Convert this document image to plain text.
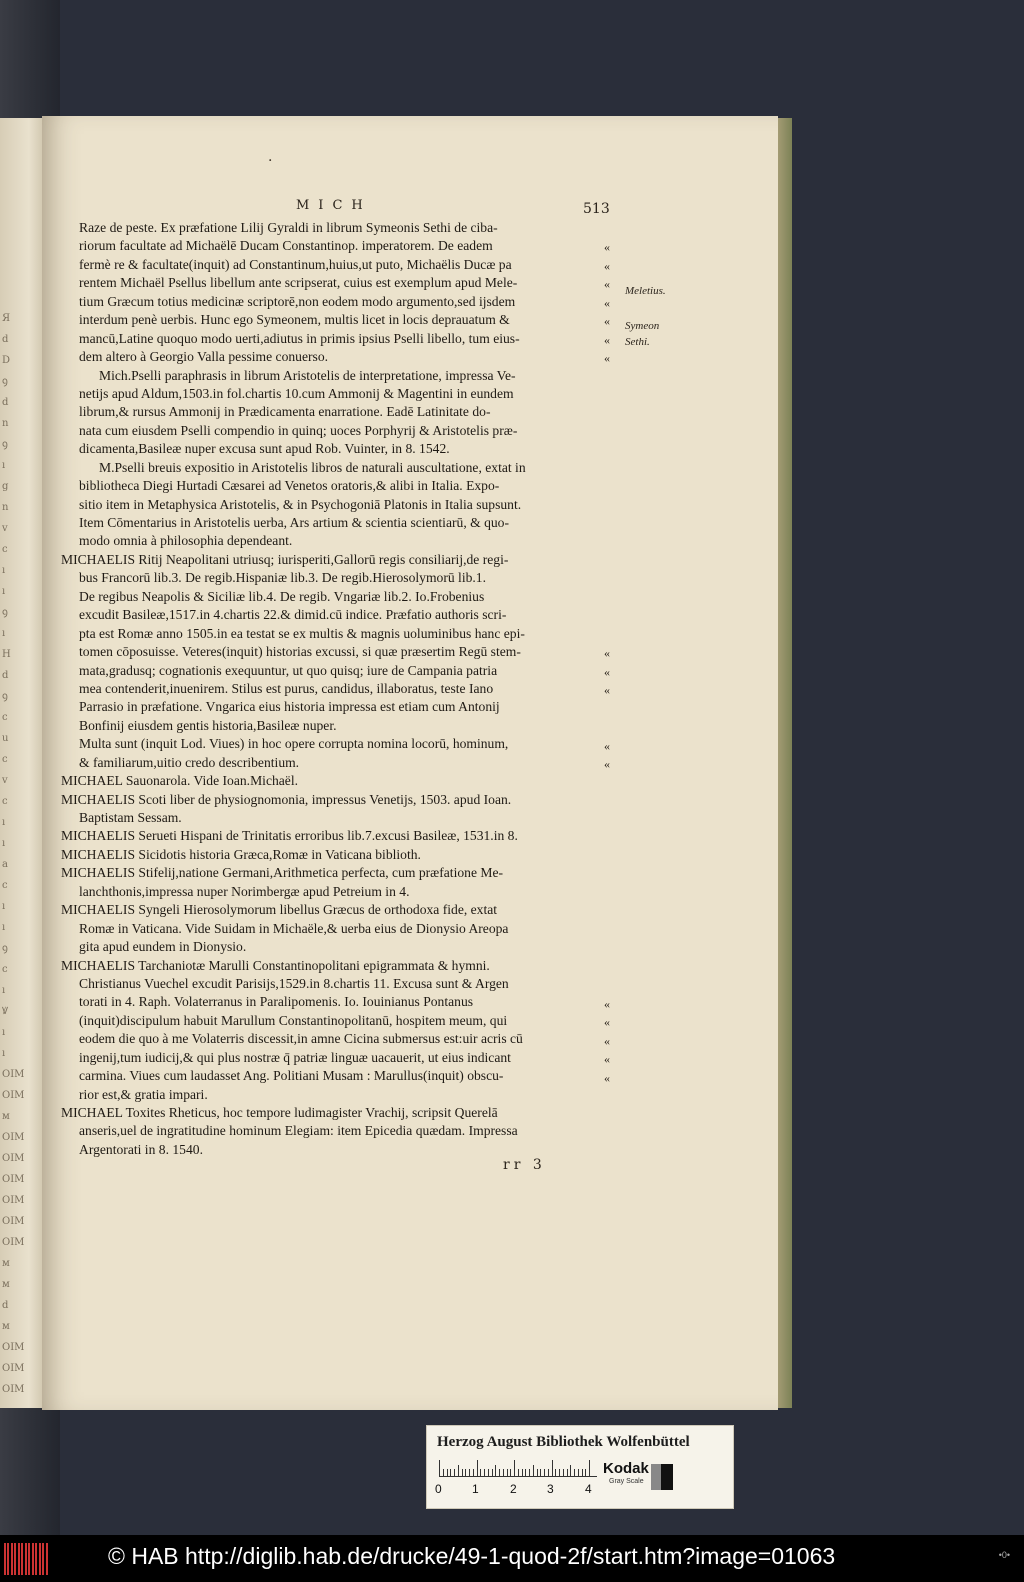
Я
d
D
ꝯ
d
n
ꝯ
ı
g
n
v
c
ı
ı
ꝯ
ı
H
d
ꝯ
c
u
c
v
c
ı
ı
a
c
ı
ı
ꝯ
c
ı
Ꝟ
ı
ı
OIM
OIM
ᴍ
OIM
OIM
OIM
OIM
OIM
OIM
ᴍ
ᴍ
d
ᴍ
OIM
OIM
OIM
·
MICH	513
Raze de peste. Ex præfatione Lilij Gyraldi in librum Symeonis Sethi de ciba-
riorum facultate ad Michaëlē Ducam Constantinop. imperatorem. De eadem
fermè re & facultate(inquit) ad Constantinum,huius,ut puto, Michaëlis Ducæ pa
rentem Michaël Psellus libellum ante scripserat, cuius est exemplum apud Mele-
tium Græcum totius medicinæ scriptorē,non eodem modo argumento,sed ijsdem
interdum penè uerbis. Hunc ego Symeonem, multis licet in locis deprauatum &
mancū,Latine quoquo modo uerti,adiutus in primis ipsius Pselli libello, tum eius-
dem altero à Georgio Valla pessime conuerso.
Mich.Pselli paraphrasis in librum Aristotelis de interpretatione, impressa Ve-
netijs apud Aldum,1503.in fol.chartis 10.cum Ammonij & Magentini in eundem
librum,& rursus Ammonij in Prædicamenta enarratione. Eadē Latinitate do-
nata cum eiusdem Pselli compendio in quinq; uoces Porphyrij & Aristotelis præ-
dicamenta,Basileæ nuper excusa sunt apud Rob. Vuinter, in 8. 1542.
M.Pselli breuis expositio in Aristotelis libros de naturali auscultatione, extat in
bibliotheca Diegi Hurtadi Cæsarei ad Venetos oratoris,& alibi in Italia. Expo-
sitio item in Metaphysica Aristotelis, & in Psychogoniā Platonis in Italia supsunt.
Item Cōmentarius in Aristotelis uerba, Ars artium & scientia scientiarū, & quo-
modo omnia à philosophia dependeant.
MICHAELIS Ritij Neapolitani utriusq; iurisperiti,Gallorū regis consiliarij,de regi-
bus Francorū lib.3. De regib.Hispaniæ lib.3. De regib.Hierosolymorū lib.1.
De regibus Neapolis & Siciliæ lib.4. De regib. Vngariæ lib.2. Io.Frobenius
excudit Basileæ,1517.in 4.chartis 22.& dimid.cū indice. Præfatio authoris scri-
pta est Romæ anno 1505.in ea testat se ex multis & magnis uoluminibus hanc epi-
tomen cōposuisse. Veteres(inquit) historias excussi, si quæ præsertim Regū stem-
mata,gradusq; cognationis exequuntur, ut quo quisq; iure de Campania patria
mea contenderit,inuenirem. Stilus est purus, candidus, illaboratus, teste Iano
Parrasio in præfatione. Vngarica eius historia impressa est etiam cum Antonij
Bonfinij eiusdem gentis historia,Basileæ nuper.
Multa sunt (inquit Lod. Viues) in hoc opere corrupta nomina locorū, hominum,
& familiarum,uitio credo describentium.
MICHAEL Sauonarola. Vide Ioan.Michaël.
MICHAELIS Scoti liber de physiognomonia, impressus Venetijs, 1503. apud Ioan.
Baptistam Sessam.
MICHAELIS Serueti Hispani de Trinitatis erroribus lib.7.excusi Basileæ, 1531.in 8.
MICHAELIS Sicidotis historia Græca,Romæ in Vaticana biblioth.
MICHAELIS Stifelij,natione Germani,Arithmetica perfecta, cum præfatione Me-
lanchthonis,impressa nuper Norimbergæ apud Petreium in 4.
MICHAELIS Syngeli Hierosolymorum libellus Græcus de orthodoxa fide, extat
Romæ in Vaticana. Vide Suidam in Michaële,& uerba eius de Dionysio Areopa
gita apud eundem in Dionysio.
MICHAELIS Tarchaniotæ Marulli Constantinopolitani epigrammata & hymni.
Christianus Vuechel excudit Parisijs,1529.in 8.chartis 11. Excusa sunt & Argen
torati in 4. Raph. Volaterranus in Paralipomenis. Io. Iouinianus Pontanus
(inquit)discipulum habuit Marullum Constantinopolitanū, hospitem meum, qui
eodem die quo à me Volaterris discessit,in amne Cicina submersus est:uir acris cū
ingenij,tum iudicij,& qui plus nostræ q̄ patriæ linguæ uacauerit, ut eius indicant
carmina. Viues cum laudasset Ang. Politiani Musam : Marullus(inquit) obscu-
rior est,& gratia impari.
MICHAEL Toxites Rheticus, hoc tempore ludimagister Vrachij, scripsit Querelā
anseris,uel de ingratitudine hominum Elegiam: item Epicedia quædam. Impressa
Argentorati in 8. 1540.
«
«
«
«
«
«
«
«
«
«
«
«
«
«
«
«
«
Meletius.
Symeon
Sethi.
rr 3
Herzog August Bibliothek Wolfenbüttel
0	1	2	3	4
Kodak
Gray Scale
© HAB http://diglib.hab.de/drucke/49-1-quod-2f/start.htm?image=01063	•0•
